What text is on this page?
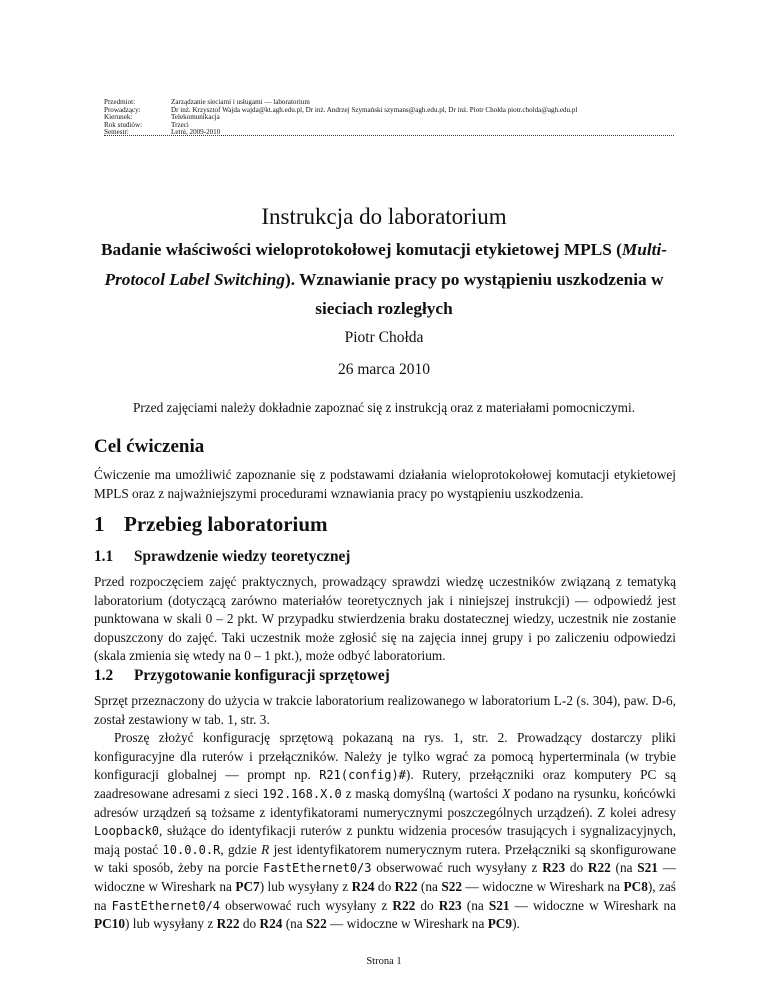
Przedmiot:	Zarządzanie sieciami i usługami — laboratorium
Prowadzący:	Dr inż. Krzysztof Wajda wajda@kt.agh.edu.pl, Dr inż. Andrzej Szymański szymans@agh.edu.pl, Dr inż. Piotr Chołda piotr.cholda@agh.edu.pl
Kierunek:	Telekomunikacja
Rok studiów:	Trzeci
Semestr:	Letni, 2009-2010
Instrukcja do laboratorium
Badanie właściwości wieloprotokołowej komutacji etykietowej MPLS (Multi-Protocol Label Switching). Wznawianie pracy po wystąpieniu uszkodzenia w sieciach rozległych
Piotr Chołda
26 marca 2010
Przed zajęciami należy dokładnie zapoznać się z instrukcją oraz z materiałami pomocniczymi.
Cel ćwiczenia

Ćwiczenie ma umożliwić zapoznanie się z podstawami działania wieloprotokołowej komutacji etykietowej MPLS oraz z najważniejszymi procedurami wznawiania pracy po wystąpieniu uszkodzenia.

1 Przebieg laboratorium
1.1 Sprawdzenie wiedzy teoretycznej

Przed rozpoczęciem zajęć praktycznych, prowadzący sprawdzi wiedzę uczestników związaną z tematyką laboratorium (dotyczącą zarówno materiałów teoretycznych jak i niniejszej instrukcji) — odpowiedź jest punktowana w skali 0 – 2 pkt. W przypadku stwierdzenia braku dostatecznej wiedzy, uczestnik nie zostanie dopuszczony do zajęć. Taki uczestnik może zgłosić się na zajęcia innej grupy i po zaliczeniu odpowiedzi (skala zmienia się wtedy na 0 – 1 pkt.), może odbyć laboratorium.

1.2 Przygotowanie konfiguracji sprzętowej

Sprzęt przeznaczony do użycia w trakcie laboratorium realizowanego w laboratorium L-2 (s. 304), paw. D-6, został zestawiony w tab. 1, str. 3.

Proszę złożyć konfigurację sprzętową pokazaną na rys. 1, str. 2. Prowadzący dostarczy pliki konfiguracyjne dla ruterów i przełączników. Należy je tylko wgrać za pomocą hyperterminala (w trybie konfiguracji globalnej — prompt np. R21(config)#). Rutery, przełączniki oraz komputery PC są zaadresowane adresami z sieci 192.168.X.0 z maską domyślną (wartości X podano na rysunku, końcówki adresów urządzeń są tożsame z identyfikatorami numerycznymi poszczególnych urządzeń). Z kolei adresy Loopback0, służące do identyfikacji ruterów z punktu widzenia procesów trasujących i sygnalizacyjnych, mają postać 10.0.0.R, gdzie R jest identyfikatorem numerycznym rutera. Przełączniki są skonfigurowane w taki sposób, żeby na porcie FastEthernet0/3 obserwować ruch wysyłany z R23 do R22 (na S21 — widoczne w Wireshark na PC7) lub wysyłany z R24 do R22 (na S22 — widoczne w Wireshark na PC8), zaś na FastEthernet0/4 obserwować ruch wysyłany z R22 do R23 (na S21 — widoczne w Wireshark na PC10) lub wysyłany z R22 do R24 (na S22 — widoczne w Wireshark na PC9).

Strona 1
